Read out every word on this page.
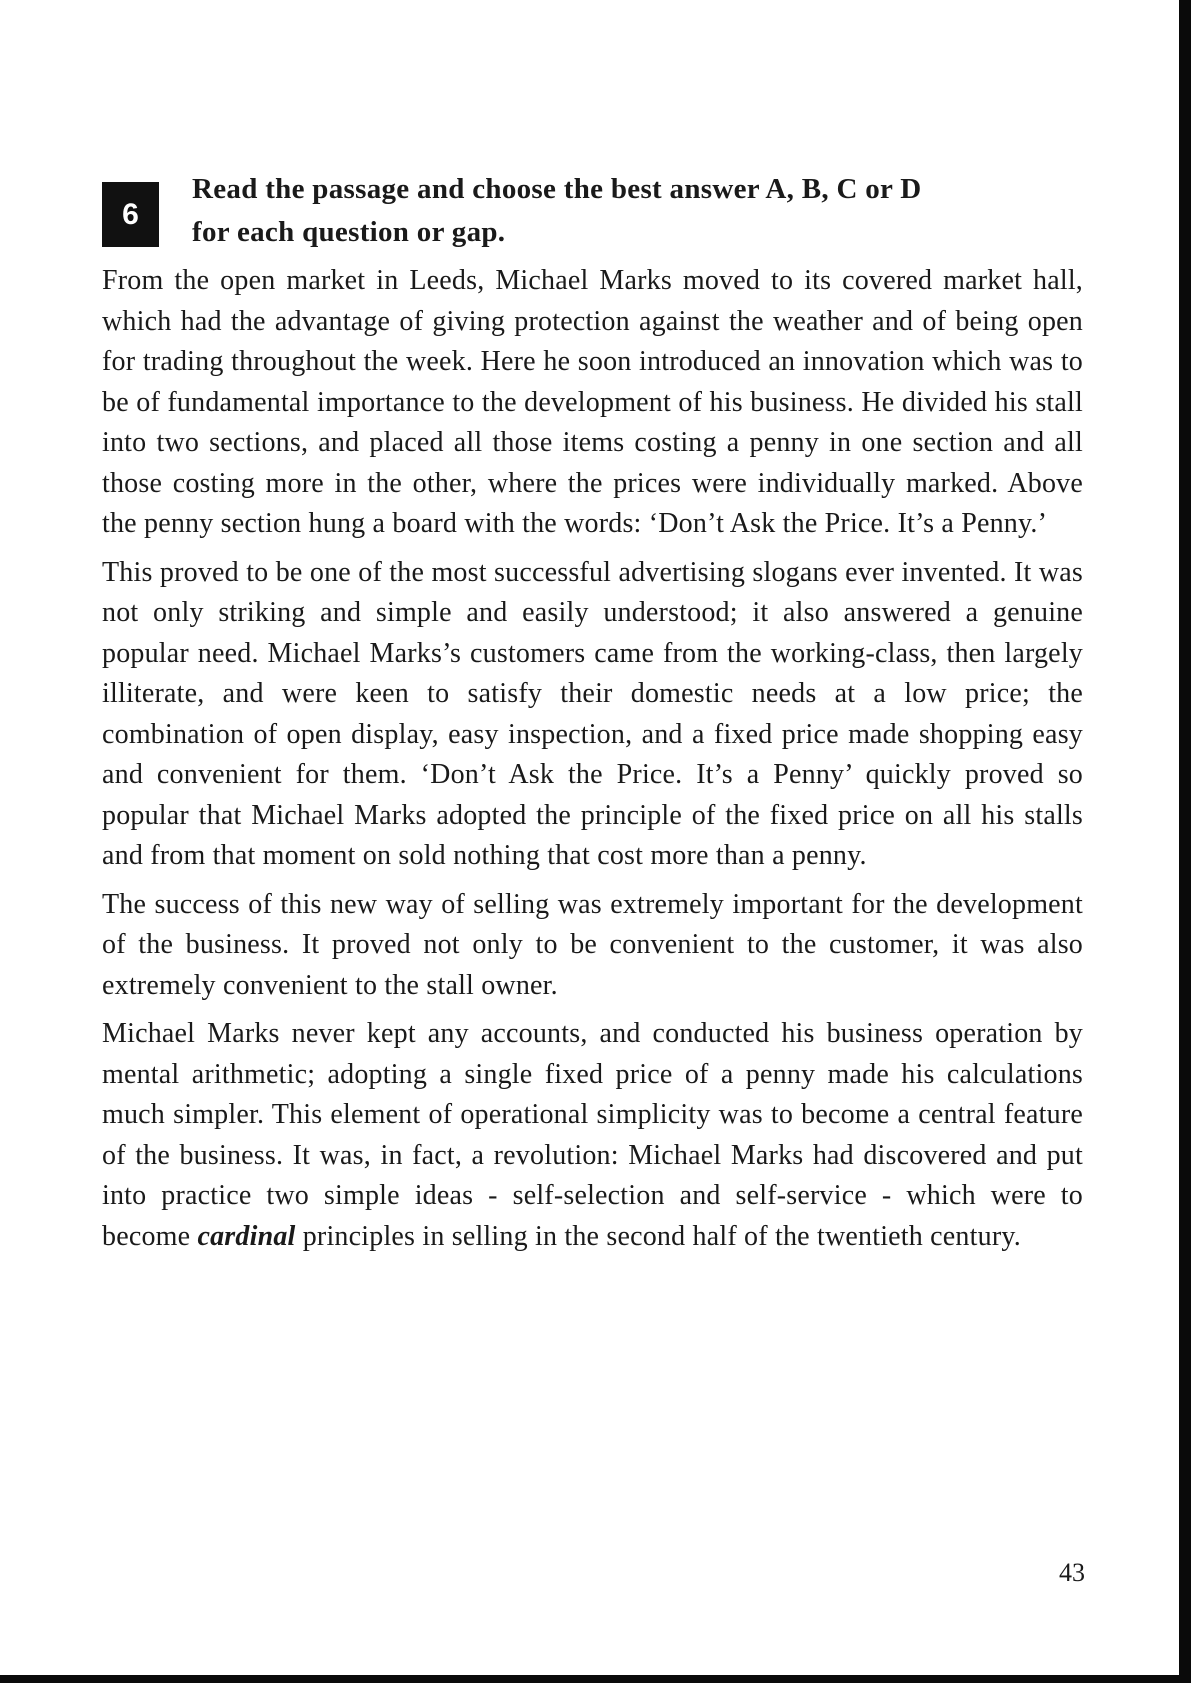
6
Read the passage and choose the best answer A, B, C or D
for each question or gap.

From the open market in Leeds, Michael Marks moved to its covered market hall, which had the advantage of giving protection against the weather and of being open for trading throughout the week. Here he soon introduced an innovation which was to be of fundamental importance to the development of his business. He divided his stall into two sections, and placed all those items costing a penny in one section and all those costing more in the other, where the prices were individually marked. Above the penny section hung a board with the words: ‘Don’t Ask the Price. It’s a Penny.’

This proved to be one of the most successful advertising slogans ever invented. It was not only striking and simple and easily understood; it also answered a genuine popular need. Michael Marks’s customers came from the working-class, then largely illiterate, and were keen to satisfy their domestic needs at a low price; the combination of open display, easy inspection, and a fixed price made shopping easy and convenient for them. ‘Don’t Ask the Price. It’s a Penny’ quickly proved so popular that Michael Marks adopted the principle of the fixed price on all his stalls and from that moment on sold nothing that cost more than a penny.

The success of this new way of selling was extremely important for the development of the business. It proved not only to be convenient to the customer, it was also extremely convenient to the stall owner.

Michael Marks never kept any accounts, and conducted his business operation by mental arithmetic; adopting a single fixed price of a penny made his calculations much simpler. This element of operational simplicity was to become a central feature of the business. It was, in fact, a revolution: Michael Marks had discovered and put into practice two simple ideas - self-selection and self-service - which were to become cardinal principles in selling in the second half of the twentieth century.

43
